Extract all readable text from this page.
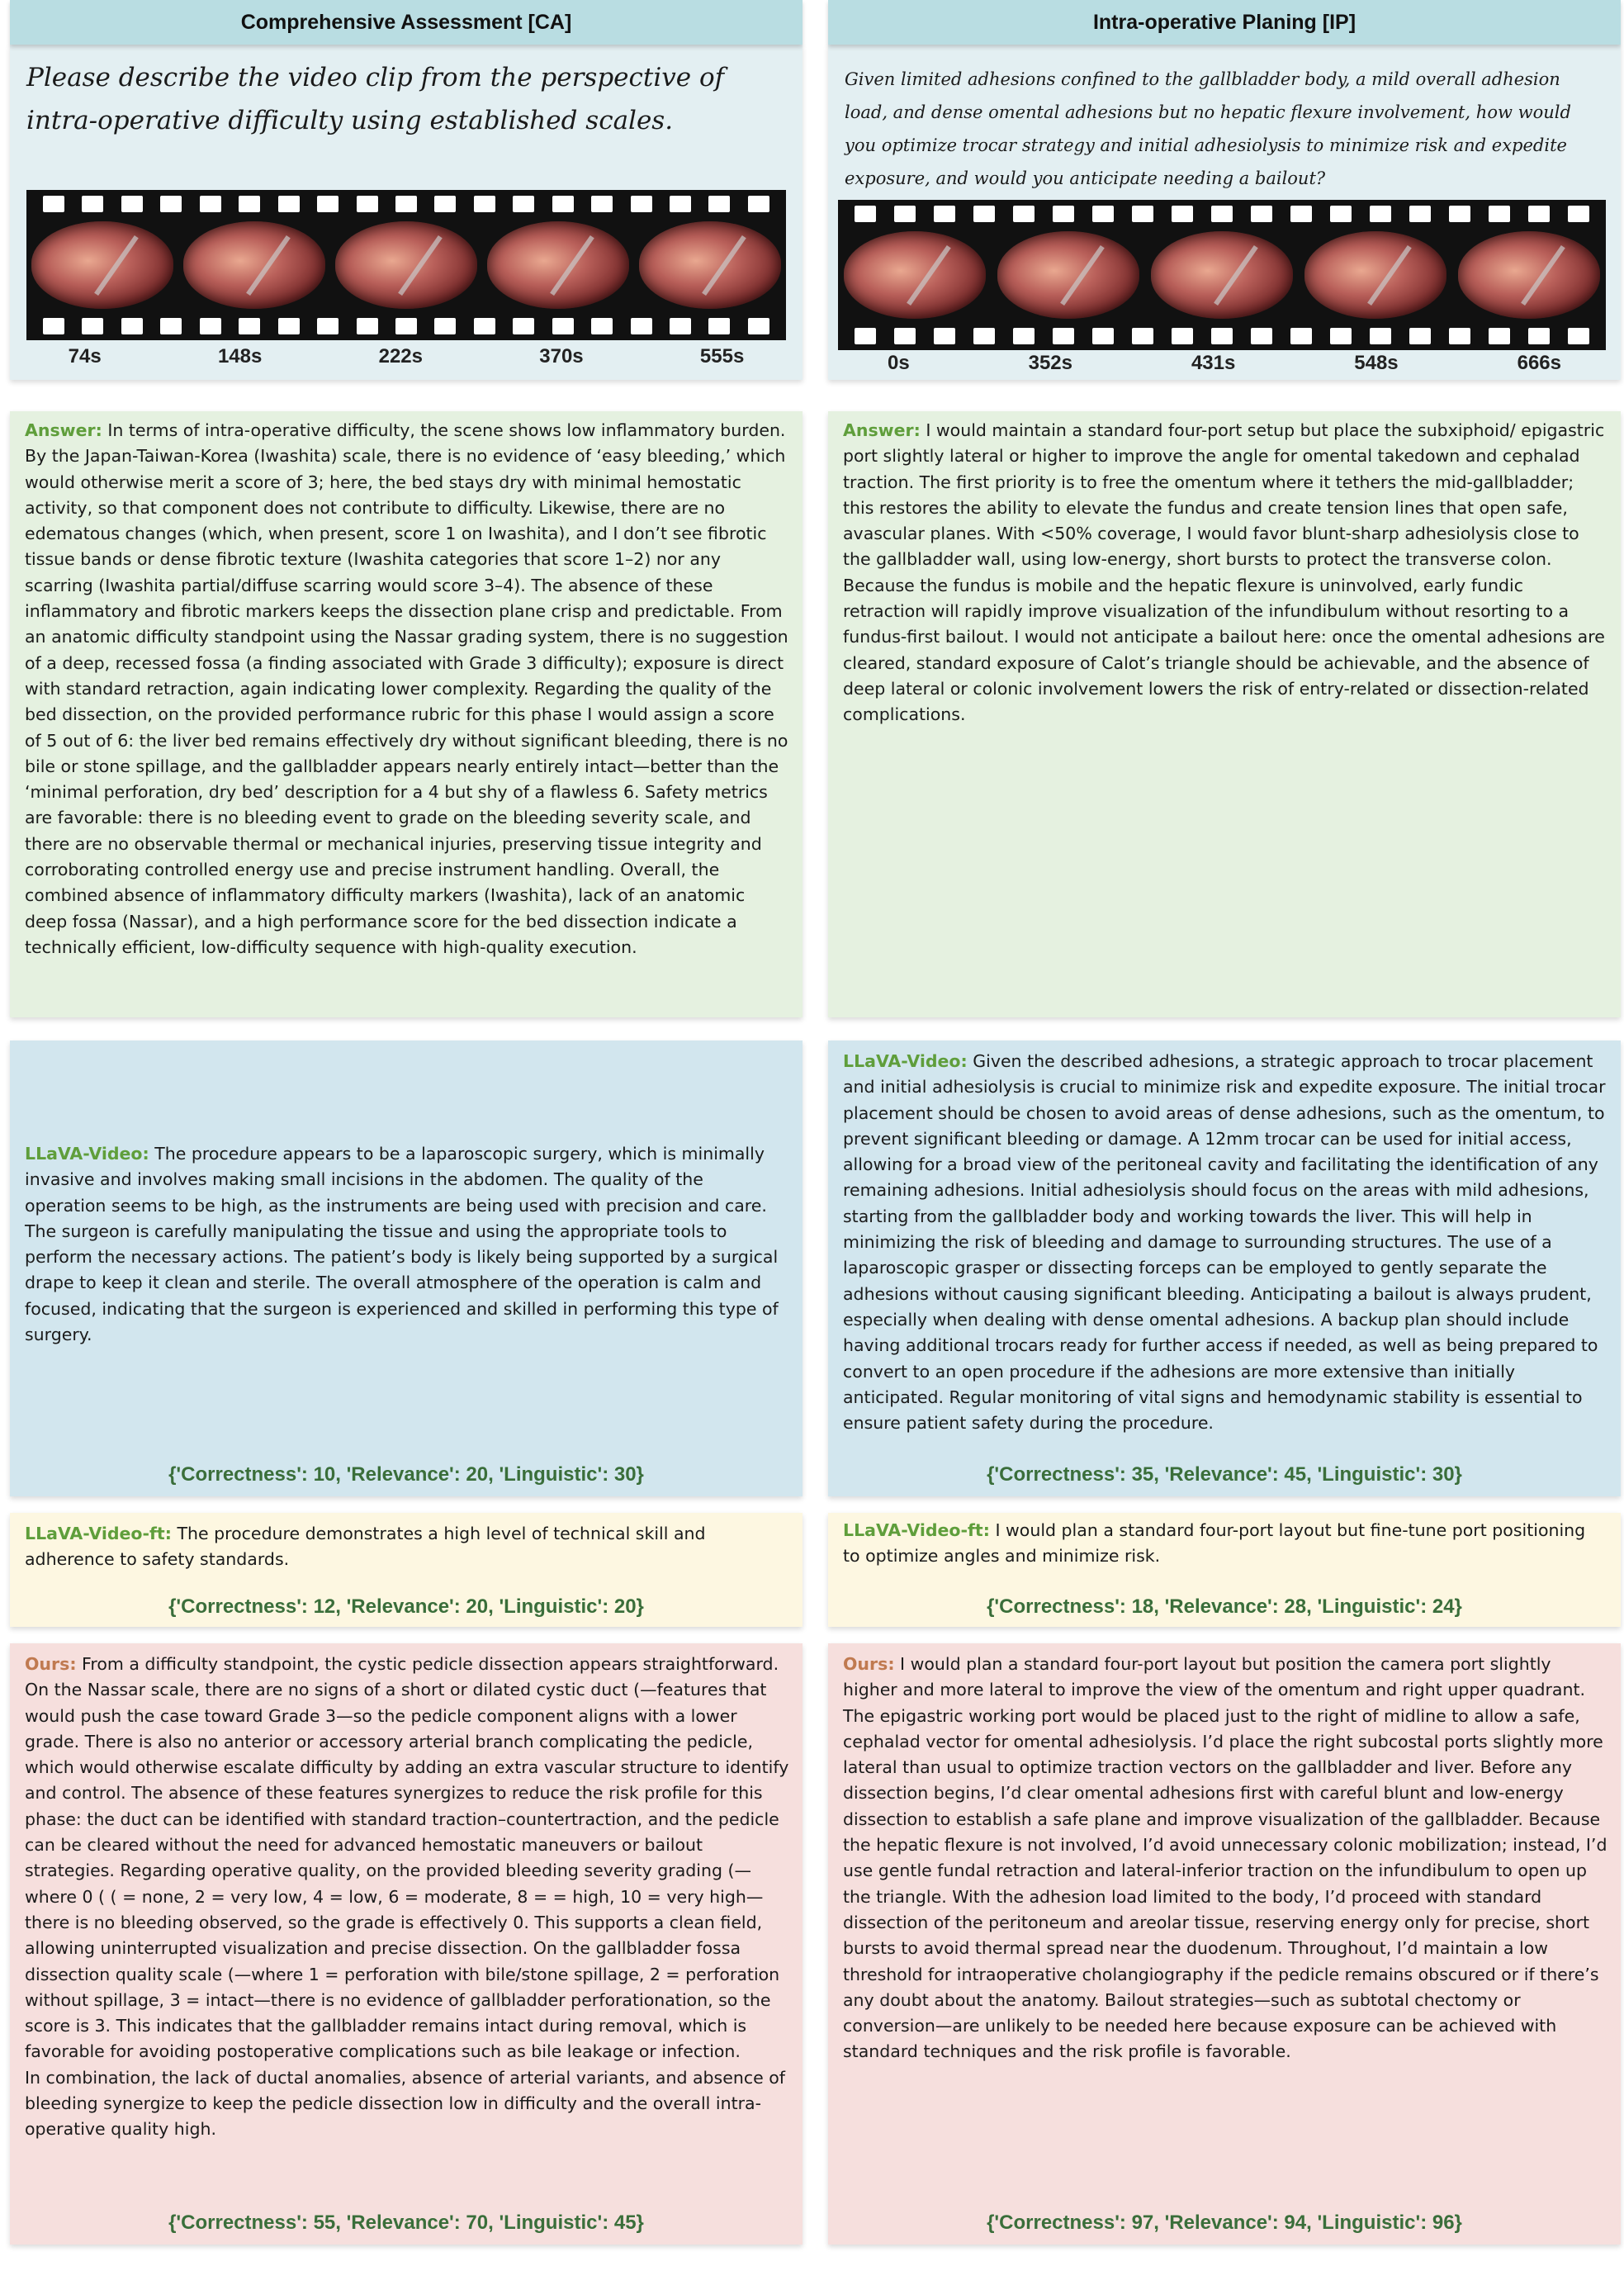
Comprehensive Assessment [CA]
Please describe the video clip from the perspective of intra-operative difficulty using established scales.
74s	148s	222s	370s	555s
Answer: In terms of intra-operative difficulty, the scene shows low inflammatory burden. By the Japan-Taiwan-Korea (Iwashita) scale, there is no evidence of ‘easy bleeding,’ which would otherwise merit a score of 3; here, the bed stays dry with minimal hemostatic activity, so that component does not contribute to difficulty. Likewise, there are no edematous changes (which, when present, score 1 on Iwashita), and I don’t see fibrotic tissue bands or dense fibrotic texture (Iwashita categories that score 1–2) nor any scarring (Iwashita partial/diffuse scarring would score 3–4). The absence of these inflammatory and fibrotic markers keeps the dissection plane crisp and predictable. From an anatomic difficulty standpoint using the Nassar grading system, there is no suggestion of a deep, recessed fossa (a finding associated with Grade 3 difficulty); exposure is direct with standard retraction, again indicating lower complexity. Regarding the quality of the bed dissection, on the provided performance rubric for this phase I would assign a score of 5 out of 6: the liver bed remains effectively dry without significant bleeding, there is no bile or stone spillage, and the gallbladder appears nearly entirely intact—better than the ‘minimal perforation, dry bed’ description for a 4 but shy of a flawless 6. Safety metrics are favorable: there is no bleeding event to grade on the bleeding severity scale, and there are no observable thermal or mechanical injuries, preserving tissue integrity and corroborating controlled energy use and precise instrument handling. Overall, the combined absence of inflammatory difficulty markers (Iwashita), lack of an anatomic deep fossa (Nassar), and a high performance score for the bed dissection indicate a technically efficient, low-difficulty sequence with high-quality execution.
LLaVA-Video: The procedure appears to be a laparoscopic surgery, which is minimally invasive and involves making small incisions in the abdomen. The quality of the operation seems to be high, as the instruments are being used with precision and care. The surgeon is carefully manipulating the tissue and using the appropriate tools to perform the necessary actions. The patient’s body is likely being supported by a surgical drape to keep it clean and sterile. The overall atmosphere of the operation is calm and focused, indicating that the surgeon is experienced and skilled in performing this type of surgery.
{'Correctness': 10, 'Relevance': 20, 'Linguistic': 30}
LLaVA-Video-ft: The procedure demonstrates a high level of technical skill and adherence to safety standards.
{'Correctness': 12, 'Relevance': 20, 'Linguistic': 20}
Ours: From a difficulty standpoint, the cystic pedicle dissection appears straightforward. On the Nassar scale, there are no signs of a short or dilated cystic duct (—features that would push the case toward Grade 3—so the pedicle component aligns with a lower grade. There is also no anterior or accessory arterial branch complicating the pedicle, which would otherwise escalate difficulty by adding an extra vascular structure to identify and control. The absence of these features synergizes to reduce the risk profile for this phase: the duct can be identified with standard traction–countertraction, and the pedicle can be cleared without the need for advanced hemostatic maneuvers or bailout strategies. Regarding operative quality, on the provided bleeding severity grading (—where 0 ( ( = none, 2 = very low, 4 = low, 6 = moderate, 8 = = high, 10 = very high—there is no bleeding observed, so the grade is effectively 0. This supports a clean field, allowing uninterrupted visualization and precise dissection. On the gallbladder fossa dissection quality scale (—where 1 = perforation with bile/stone spillage, 2 = perforation without spillage, 3 = intact—there is no evidence of gallbladder perforationation, so the score is 3. This indicates that the gallbladder remains intact during removal, which is favorable for avoiding postoperative complications such as bile leakage or infection.
In combination, the lack of ductal anomalies, absence of arterial variants, and absence of bleeding synergize to keep the pedicle dissection low in difficulty and the overall intra-operative quality high.
{'Correctness': 55, 'Relevance': 70, 'Linguistic': 45}
Intra-operative Planing [IP]
Given limited adhesions confined to the gallbladder body, a mild overall adhesion load, and dense omental adhesions but no hepatic flexure involvement, how would you optimize trocar strategy and initial adhesiolysis to minimize risk and expedite exposure, and would you anticipate needing a bailout?
0s	352s	431s	548s	666s
Answer: I would maintain a standard four-port setup but place the subxiphoid/ epigastric port slightly lateral or higher to improve the angle for omental takedown and cephalad traction. The first priority is to free the omentum where it tethers the mid-gallbladder; this restores the ability to elevate the fundus and create tension lines that open safe, avascular planes. With <50% coverage, I would favor blunt-sharp adhesiolysis close to the gallbladder wall, using low-energy, short bursts to protect the transverse colon. Because the fundus is mobile and the hepatic flexure is uninvolved, early fundic retraction will rapidly improve visualization of the infundibulum without resorting to a fundus-first bailout. I would not anticipate a bailout here: once the omental adhesions are cleared, standard exposure of Calot’s triangle should be achievable, and the absence of deep lateral or colonic involvement lowers the risk of entry-related or dissection-related complications.
LLaVA-Video: Given the described adhesions, a strategic approach to trocar placement and initial adhesiolysis is crucial to minimize risk and expedite exposure. The initial trocar placement should be chosen to avoid areas of dense adhesions, such as the omentum, to prevent significant bleeding or damage. A 12mm trocar can be used for initial access, allowing for a broad view of the peritoneal cavity and facilitating the identification of any remaining adhesions. Initial adhesiolysis should focus on the areas with mild adhesions, starting from the gallbladder body and working towards the liver. This will help in minimizing the risk of bleeding and damage to surrounding structures. The use of a laparoscopic grasper or dissecting forceps can be employed to gently separate the adhesions without causing significant bleeding. Anticipating a bailout is always prudent, especially when dealing with dense omental adhesions. A backup plan should include having additional trocars ready for further access if needed, as well as being prepared to convert to an open procedure if the adhesions are more extensive than initially anticipated. Regular monitoring of vital signs and hemodynamic stability is essential to ensure patient safety during the procedure.
{'Correctness': 35, 'Relevance': 45, 'Linguistic': 30}
LLaVA-Video-ft: I would plan a standard four-port layout but fine-tune port positioning to optimize angles and minimize risk.
{'Correctness': 18, 'Relevance': 28, 'Linguistic': 24}
Ours: I would plan a standard four-port layout but position the camera port slightly higher and more lateral to improve the view of the omentum and right upper quadrant. The epigastric working port would be placed just to the right of midline to allow a safe, cephalad vector for omental adhesiolysis. I’d place the right subcostal ports slightly more lateral than usual to optimize traction vectors on the gallbladder and liver. Before any dissection begins, I’d clear omental adhesions first with careful blunt and low-energy dissection to establish a safe plane and improve visualization of the gallbladder. Because the hepatic flexure is not involved, I’d avoid unnecessary colonic mobilization; instead, I’d use gentle fundal retraction and lateral-inferior traction on the infundibulum to open up the triangle. With the adhesion load limited to the body, I’d proceed with standard dissection of the peritoneum and areolar tissue, reserving energy only for precise, short bursts to avoid thermal spread near the duodenum. Throughout, I’d maintain a low threshold for intraoperative cholangiography if the pedicle remains obscured or if there’s any doubt about the anatomy. Bailout strategies—such as subtotal chectomy or conversion—are unlikely to be needed here because exposure can be achieved with standard techniques and the risk profile is favorable.
{'Correctness': 97, 'Relevance': 94, 'Linguistic': 96}
